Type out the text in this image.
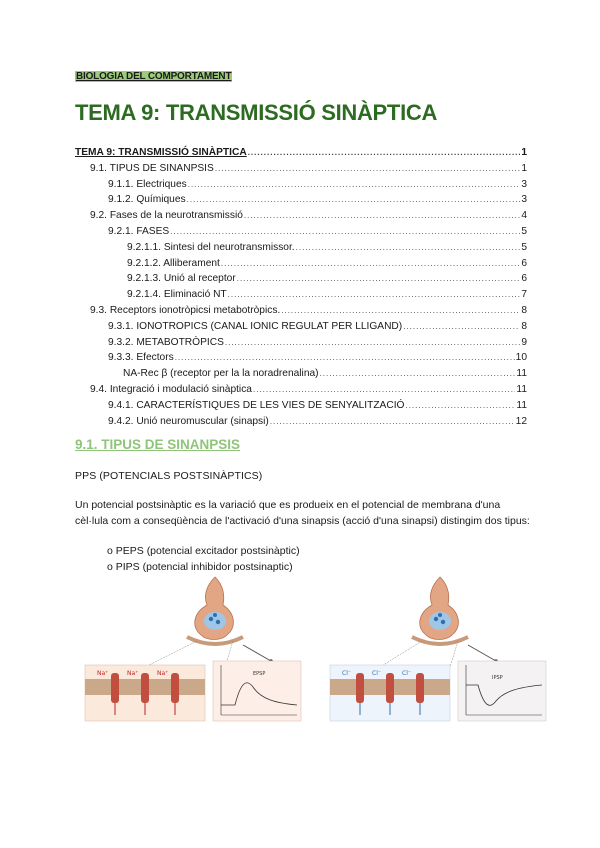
BIOLOGIA DEL COMPORTAMENT
TEMA 9: TRANSMISSIÓ SINÀPTICA
TEMA 9: TRANSMISSIÓ SINÀPTICA .....	1
9.1. TIPUS DE SINANPSIS .....	1
9.1.1. Electriques .....	3
9.1.2. Químiques .....	3
9.2. Fases de la neurotransmissió .....	4
9.2.1. FASES .....	5
9.2.1.1. Sintesi del neurotransmissor. .....	5
9.2.1.2. Alliberament .....	6
9.2.1.3. Unió al receptor .....	6
9.2.1.4. Eliminació NT .....	7
9.3. Receptors ionotròpicsi metabotròpics. .....	8
9.3.1. IONOTROPICS (CANAL IONIC REGULAT PER LLIGAND) .....	8
9.3.2. METABOTRÒPICS .....	9
9.3.3. Efectors .....	10
NA-Rec β (receptor per la la noradrenalina) .....	11
9.4. Integració i modulació sinàptica .....	11
9.4.1. CARACTERÍSTIQUES DE LES VIES DE SENYALITZACIÓ .....	11
9.4.2. Unió neuromuscular (sinapsi) .....	12
9.1. TIPUS DE SINANPSIS
PPS (POTENCIALS POSTSINÀPTICS)
Un potencial postsinàptic es la variació que es produeix en el potencial de membrana d'una cèl·lula com a conseqüència de l'activació d'una sinapsis (acció d'una sinapsi) distingim dos tipus:
o PEPS (potencial excitador postsinàptic)
o PIPS (potencial inhibidor postsinaptic)
Na⁺	Na⁺	Na⁺	EPSP	Cl⁻	Cl⁻	Cl⁻
IPSP
